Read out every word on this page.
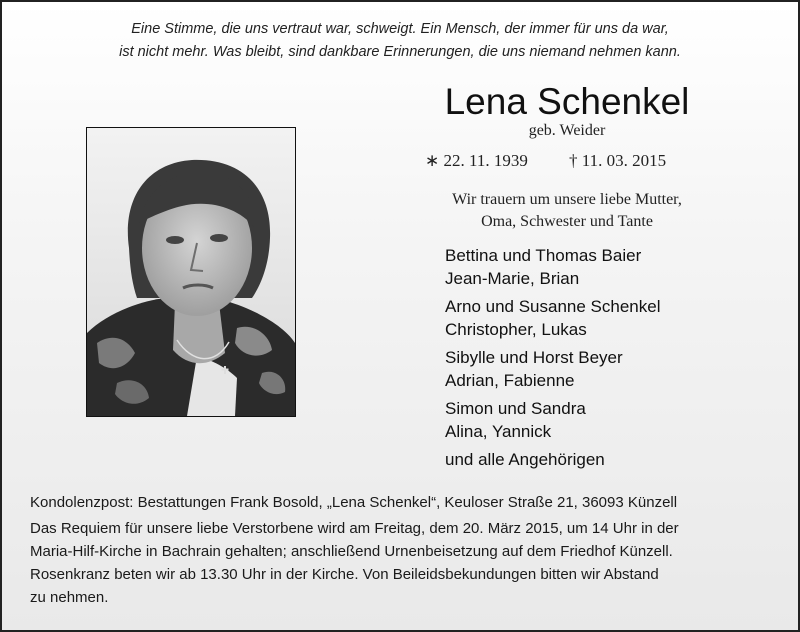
Eine Stimme, die uns vertraut war, schweigt. Ein Mensch, der immer für uns da war,
ist nicht mehr. Was bleibt, sind dankbare Erinnerungen, die uns niemand nehmen kann.
Lena Schenkel
geb. Weider
∗ 22. 11. 1939 † 11. 03. 2015
Wir trauern um unsere liebe Mutter,
Oma, Schwester und Tante
Bettina und Thomas Baier
Jean-Marie, Brian
Arno und Susanne Schenkel
Christopher, Lukas
Sibylle und Horst Beyer
Adrian, Fabienne
Simon und Sandra
Alina, Yannick
und alle Angehörigen
Kondolenzpost: Bestattungen Frank Bosold, „Lena Schenkel“, Keuloser Straße 21, 36093 Künzell
Das Requiem für unsere liebe Verstorbene wird am Freitag, dem 20. März 2015, um 14 Uhr in der
Maria-Hilf-Kirche in Bachrain gehalten; anschließend Urnenbeisetzung auf dem Friedhof Künzell.
Rosenkranz beten wir ab 13.30 Uhr in der Kirche. Von Beileidsbekundungen bitten wir Abstand
zu nehmen.
